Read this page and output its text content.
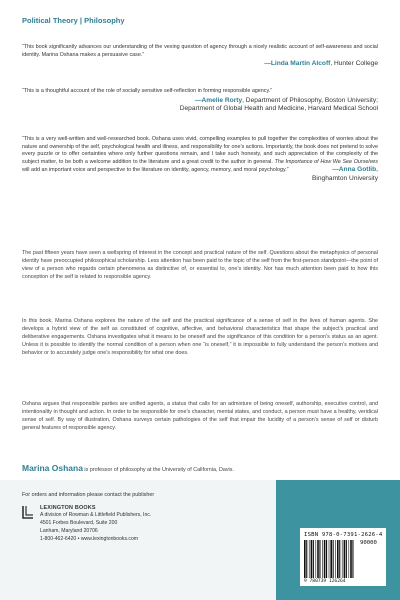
Political Theory | Philosophy

“This book significantly advances our understanding of the vexing question of agency through a nicely realistic account of self-awareness and social identity. Marina Oshana makes a persuasive case.”

—Linda Martin Alcoff, Hunter College

“This is a thoughtful account of the role of socially sensitive self-reflection in forming responsible agency.”

—Amelie Rorty, Department of Philosophy, Boston University;

Department of Global Health and Medicine, Harvard Medical School

“This is a very well-written and well-researched book. Oshana uses vivid, compelling examples to pull together the complexities of worries about the nature and ownership of the self, psychological health and illness, and responsibility for one’s actions. Importantly, the book does not pretend to solve every puzzle or to offer certainties where only further questions remain, and I take such honesty, and such appreciation of the complexity of the subject matter, to be both a welcome addition to the literature and a great credit to the author in general. The Importance of How We See Ourselves will add an important voice and perspective to the literature on identity, agency, memory, and moral psychology.”	—Anna Gotlib,

Binghamton University

The past fifteen years have seen a wellspring of interest in the concept and practical nature of the self. Questions about the metaphysics of personal identity have preoccupied philosophical scholarship. Less attention has been paid to the topic of the self from the first-person standpoint—the point of view of a person who regards certain phenomena as distinctive of, or essential to, one’s identity. Nor has much attention been paid to how this conception of the self is related to responsible agency.

In this book, Marina Oshana explores the nature of the self and the practical significance of a sense of self in the lives of human agents. She develops a hybrid view of the self as constituted of cognitive, affective, and behavioral characteristics that shape the subject’s practical and deliberative engagements. Oshana investigates what it means to be oneself and the significance of this condition for a person’s status as an agent. Unless it is possible to identify the normal condition of a person when one “is oneself,” it is impossible to fully understand the person’s motives and behavior or to accurately judge one’s responsibility for what one does.

Oshana argues that responsible parties are unified agents, a status that calls for an admixture of being oneself, authorship, executive control, and intentionality in thought and action. In order to be responsible for one’s character, mental states, and conduct, a person must have a healthy, veridical sense of self. By way of illustration, Oshana surveys certain pathologies of the self that impair the lucidity of a person’s sense of self or disturb general features of responsible agency.

Marina Oshana is professor of philosophy at the University of California, Davis.
For orders and information please contact the publisher
LEXINGTON BOOKS
A division of Rowman & Littlefield Publishers, Inc.
4501 Forbes Boulevard, Suite 200
Lanham, Maryland 20706
1-800-462-6420 • www.lexingtonbooks.com
ISBN 978-0-7391-2626-4
9 780739 126264
90000
